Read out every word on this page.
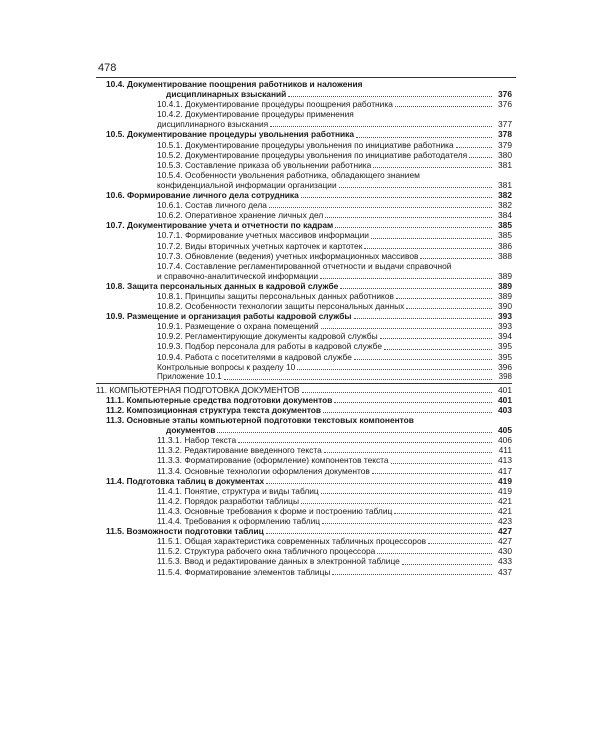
478
10.4. Документирование поощрения работников и наложения
дисциплинарных взысканий	376
10.4.1. Документирование процедуры поощрения работника	376
10.4.2. Документирование процедуры применения
дисциплинарного взыскания	377
10.5. Документирование процедуры увольнения работника	378
10.5.1. Документирование процедуры увольнения по инициативе работника	379
10.5.2. Документирование процедуры увольнения по инициативе работодателя	380
10.5.3. Составление приказа об увольнении работника	381
10.5.4. Особенности увольнения работника, обладающего знанием
конфиденциальной информации организации	381
10.6. Формирование личного дела сотрудника	382
10.6.1. Состав личного дела	382
10.6.2. Оперативное хранение личных дел	384
10.7. Документирование учета и отчетности по кадрам	385
10.7.1. Формирование учетных массивов информации	385
10.7.2. Виды вторичных учетных карточек и картотек	386
10.7.3. Обновление (ведения) учетных информационных массивов	388
10.7.4. Составление регламентированной отчетности и выдачи справочной
и справочно-аналитической информации	389
10.8. Защита персональных данных в кадровой службе	389
10.8.1. Принципы защиты персональных данных работников	389
10.8.2. Особенности технологии защиты персональных данных	390
10.9. Размещение и организация работы кадровой службы	393
10.9.1. Размещение о охрана помещений	393
10.9.2. Регламентирующие документы кадровой службы	394
10.9.3. Подбор персонала для работы в кадровой службе	395
10.9.4. Работа с посетителями в кадровой службе	395
Контрольные вопросы к разделу 10	396
Приложение 10.1	398
11. КОМПЬЮТЕРНАЯ ПОДГОТОВКА ДОКУМЕНТОВ	401
11.1. Компьютерные средства подготовки документов	401
11.2. Композиционная структура текста документов	403
11.3. Основные этапы компьютерной подготовки текстовых компонентов
документов	405
11.3.1. Набор текста	406
11.3.2. Редактирование введенного текста	411
11.3.3. Форматирование (оформление) компонентов текста	413
11.3.4. Основные технологии оформления документов	417
11.4. Подготовка таблиц в документах	419
11.4.1. Понятие, структура и виды таблиц	419
11.4.2. Порядок разработки таблицы	421
11.4.3. Основные требования к форме и построению таблиц	421
11.4.4. Требования к оформлению таблиц	423
11.5. Возможности подготовки таблиц	427
11.5.1. Общая характеристика современных табличных процессоров	427
11.5.2. Структура рабочего окна табличного процессора	430
11.5.3. Ввод и редактирование данных в электронной таблице	433
11.5.4. Форматирование элементов таблицы	437
